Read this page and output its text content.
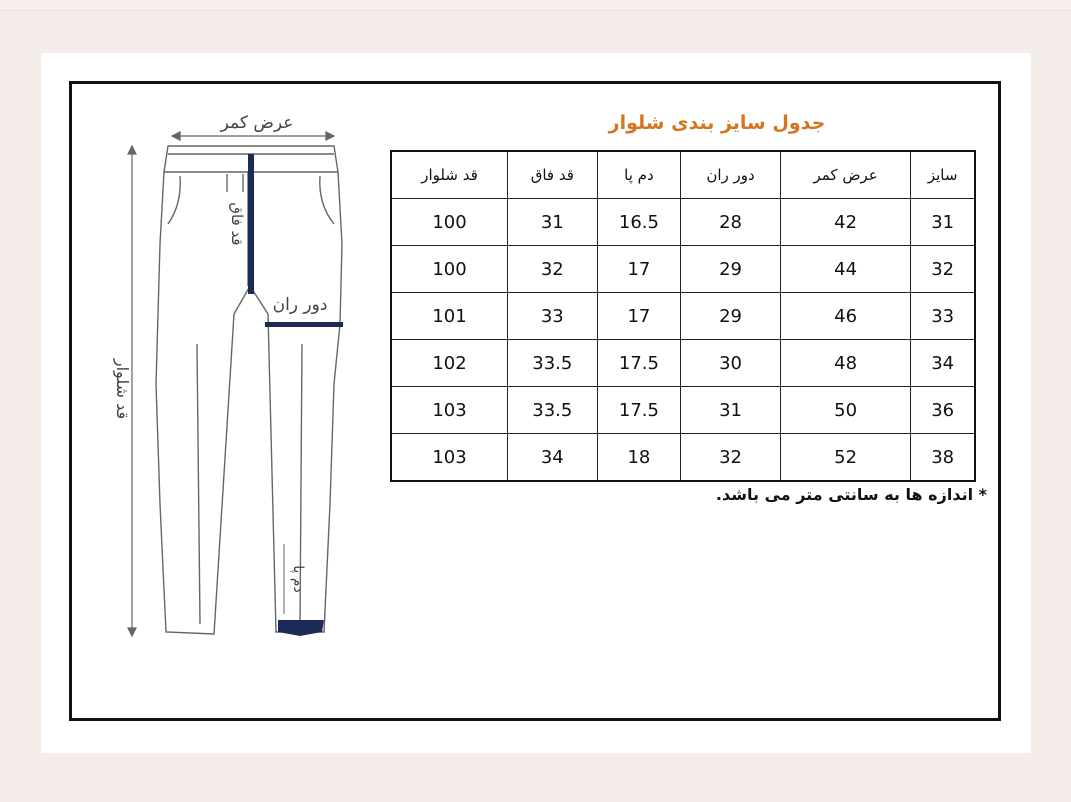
عرض کمر
قد شلوار
قد فاق
دور ران
دم پا
جدول سایز بندی شلوار
سایز	عرض کمر	دور ران	دم پا	قد فاق	قد شلوار
31	42	28	16.5	31	100
32	44	29	17	32	100
33	46	29	17	33	101
34	48	30	17.5	33.5	102
36	50	31	17.5	33.5	103
38	52	32	18	34	103
* اندازه ها به سانتی متر می باشد.
